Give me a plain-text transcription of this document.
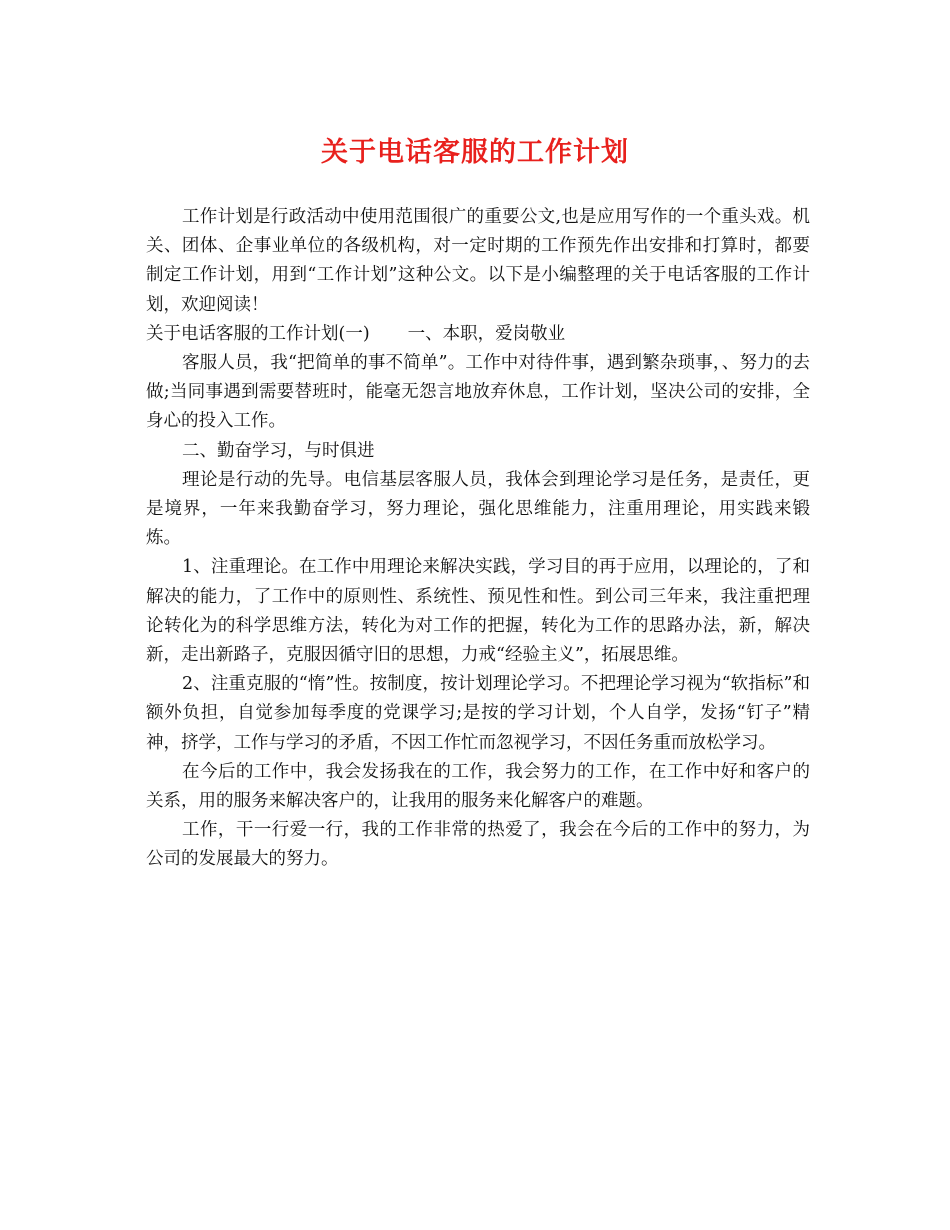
关于电话客服的工作计划

工作计划是行政活动中使用范围很广的重要公文,也是应用写作的一个重头戏。机关、团体、企事业单位的各级机构，对一定时期的工作预先作出安排和打算时，都要制定工作计划，用到“工作计划”这种公文。以下是小编整理的关于电话客服的工作计划，欢迎阅读！

关于电话客服的工作计划(一) 一、本职，爱岗敬业

客服人员，我“把简单的事不简单”。工作中对待件事，遇到繁杂琐事，、努力的去做;当同事遇到需要替班时，能毫无怨言地放弃休息，工作计划，坚决公司的安排，全身心的投入工作。

二、勤奋学习，与时俱进

理论是行动的先导。电信基层客服人员，我体会到理论学习是任务，是责任，更是境界，一年来我勤奋学习，努力理论，强化思维能力，注重用理论，用实践来锻炼。

1、注重理论。在工作中用理论来解决实践，学习目的再于应用，以理论的，了和解决的能力，了工作中的原则性、系统性、预见性和性。到公司三年来，我注重把理论转化为的科学思维方法，转化为对工作的把握，转化为工作的思路办法，新，解决新，走出新路子，克服因循守旧的思想，力戒“经验主义”，拓展思维。

2、注重克服的“惰”性。按制度，按计划理论学习。不把理论学习视为“软指标”和额外负担，自觉参加每季度的党课学习;是按的学习计划，个人自学，发扬“钉子”精神，挤学，工作与学习的矛盾，不因工作忙而忽视学习，不因任务重而放松学习。

在今后的工作中，我会发扬我在的工作，我会努力的工作，在工作中好和客户的关系，用的服务来解决客户的，让我用的服务来化解客户的难题。

工作，干一行爱一行，我的工作非常的热爱了，我会在今后的工作中的努力，为公司的发展最大的努力。
